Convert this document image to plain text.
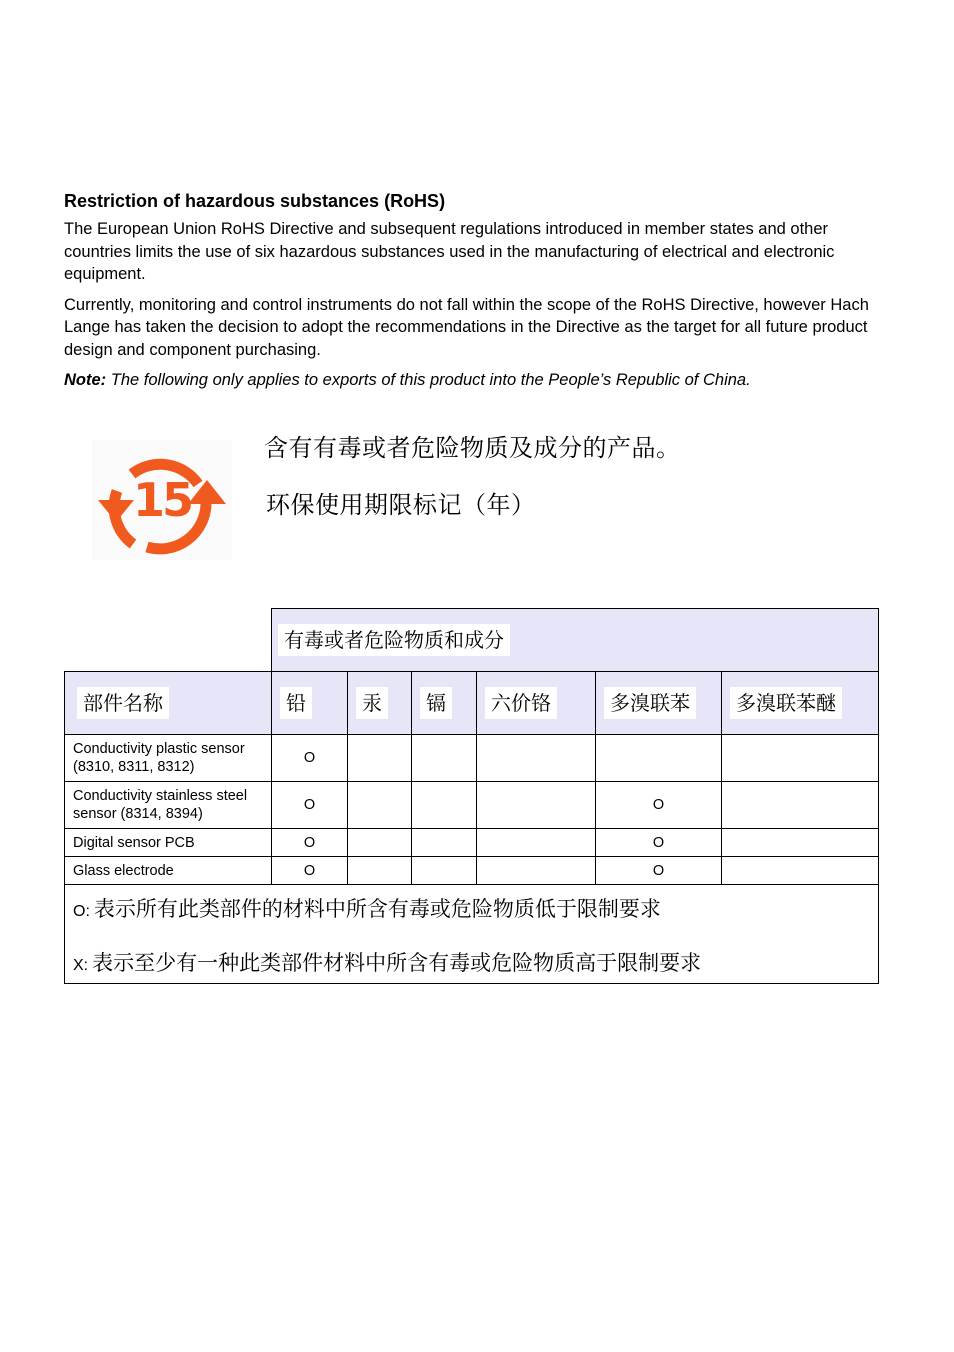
Restriction of hazardous substances (RoHS)

The European Union RoHS Directive and subsequent regulations introduced in member states and other countries limits the use of six hazardous substances used in the manufacturing of electrical and electronic equipment.

Currently, monitoring and control instruments do not fall within the scope of the RoHS Directive, however Hach Lange has taken the decision to adopt the recommendations in the Directive as the target for all future product design and component purchasing.

Note: The following only applies to exports of this product into the People’s Republic of China.

15
含有有毒或者危险物质及成分的产品。
环保使用期限标记（年）
	有毒或者危险物质和成分					
部件名称	铅	汞	镉	六价铬	多溴联苯	多溴联苯醚
Conductivity plastic sensor (8310, 8311, 8312)	O					
Conductivity stainless steel sensor (8314, 8394)	O				O	
Digital sensor PCB	O				O	
Glass electrode	O				O	

O: 表示所有此类部件的材料中所含有毒或危险物质低于限制要求
X: 表示至少有一种此类部件材料中所含有毒或危险物质高于限制要求						
